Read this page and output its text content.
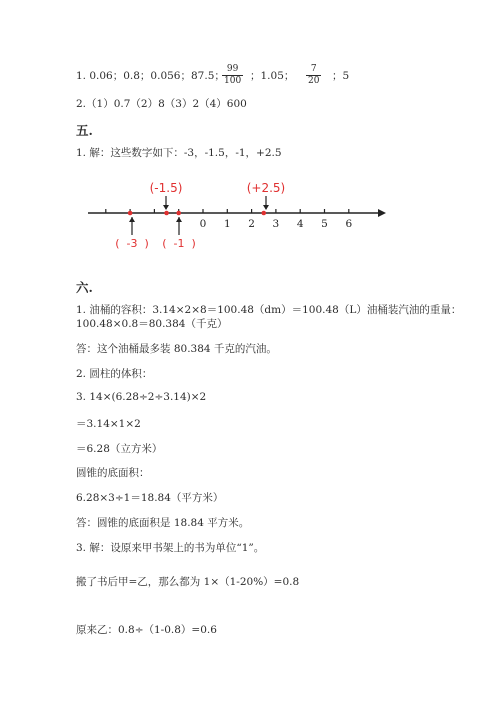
1. 0.06；0.8；0.056；87.5；
$\frac{99}{100}$ ；1.05； $\frac{7}{20}$ ；5
2.（1）0.7（2）8（3）2（4）600
五.
1. 解：这些数字如下：-3，-1.5，-1，+2.5
0 1 2 3 4 5 6
(-1.5)	(+2.5)
(  -3  ) (  -1  )
六.
1. 油桶的容积：3.14×2×8＝100.48（dm）＝100.48（L）油桶装汽油的重量：
100.48×0.8＝80.384（千克）
答：这个油桶最多装 80.384 千克的汽油。
2. 圆柱的体积：
3. 14×(6.28÷2÷3.14)×2
＝3.14×1×2
＝6.28（立方米）
圆锥的底面积：
6.28×3÷1＝18.84（平方米）
答：圆锥的底面积是 18.84 平方米。
3. 解：设原来甲书架上的书为单位“1”。
搬了书后甲=乙，那么都为 1×（1-20%）=0.8
原来乙：0.8÷（1-0.8）=0.6
